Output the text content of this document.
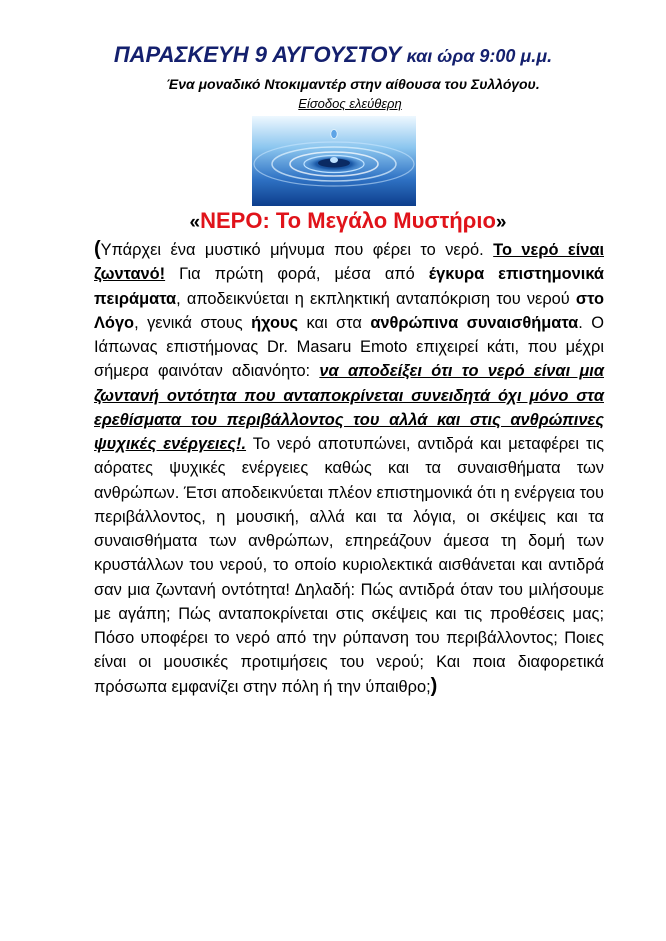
ΠΑΡΑΣΚΕΥΗ 9 ΑΥΓΟΥΣΤΟΥ και ώρα 9:00 μ.μ.
Ένα μοναδικό Ντοκιμαντέρ στην αίθουσα του Συλλόγου.
Είσοδος ελεύθερη
«ΝΕΡΟ: Το Μεγάλο Μυστήριο»

(Υπάρχει ένα μυστικό μήνυμα που φέρει το νερό. Το νερό είναι ζωντανό! Για πρώτη φορά, μέσα από έγκυρα επιστημονικά πειράματα, αποδεικνύεται η εκπληκτική ανταπόκριση του νερού στο Λόγο, γενικά στους ήχους και στα ανθρώπινα συναισθήματα. Ο Ιάπωνας επιστήμονας Dr. Masaru Emoto επιχειρεί κάτι, που μέχρι σήμερα φαινόταν αδιανόητο: να αποδείξει ότι το νερό είναι μια ζωντανή οντότητα που ανταποκρίνεται συνειδητά όχι μόνο στα ερεθίσματα του περιβάλλοντος του αλλά και στις ανθρώπινες ψυχικές ενέργειες!. Το νερό αποτυπώνει, αντιδρά και μεταφέρει τις αόρατες ψυχικές ενέργειες καθώς και τα συναισθήματα των ανθρώπων. Έτσι αποδεικνύεται πλέον επιστημονικά ότι η ενέργεια του περιβάλλοντος, η μουσική, αλλά και τα λόγια, οι σκέψεις και τα συναισθήματα των ανθρώπων, επηρεάζουν άμεσα τη δομή των κρυστάλλων του νερού, το οποίο κυριολεκτικά αισθάνεται και αντιδρά σαν μια ζωντανή οντότητα! Δηλαδή: Πώς αντιδρά όταν του μιλήσουμε με αγάπη; Πώς ανταποκρίνεται στις σκέψεις και τις προθέσεις μας; Πόσο υποφέρει το νερό από την ρύπανση του περιβάλλοντος; Ποιες είναι οι μουσικές προτιμήσεις του νερού; Και ποια διαφορετικά πρόσωπα εμφανίζει στην πόλη ή την ύπαιθρο;)
